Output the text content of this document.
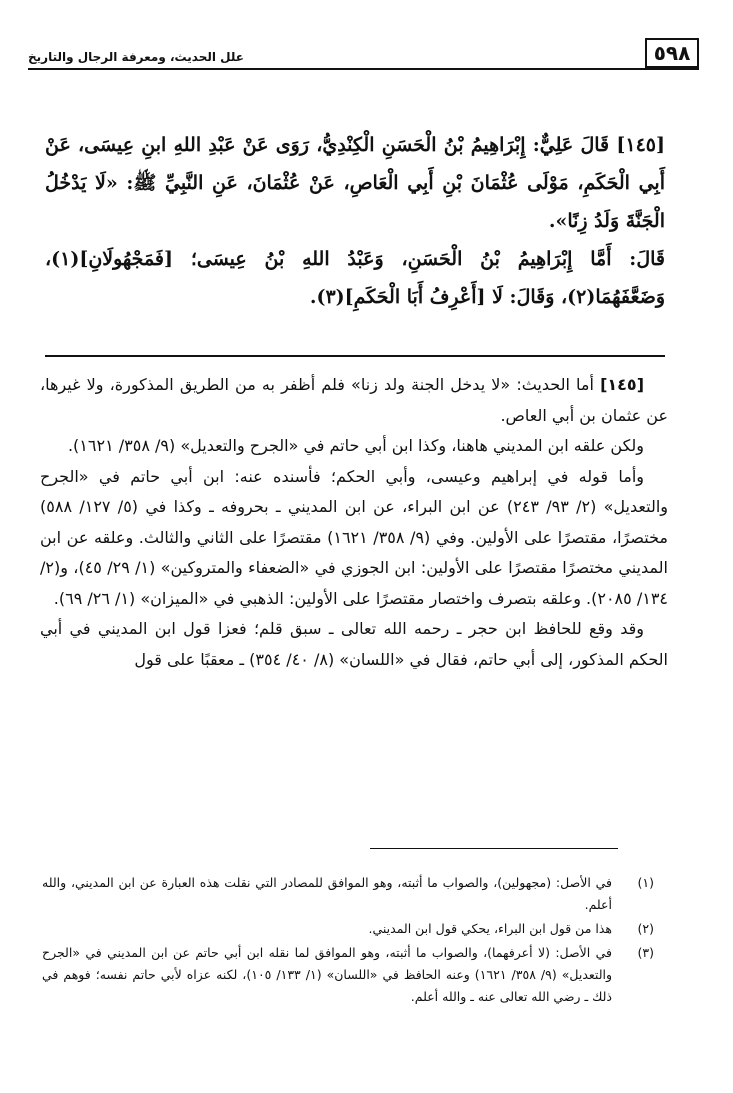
٥٩٨
علل الحديث، ومعرفة الرجال والتاريخ

[١٤٥] قَالَ عَلِيٌّ: إِبْرَاهِيمُ بْنُ الْحَسَنِ الْكِنْدِيُّ، رَوَى عَنْ عَبْدِ اللهِ ابنِ عِيسَى، عَنْ أَبِي الْحَكَمِ، مَوْلَى عُثْمَانَ بْنِ أَبِي الْعَاصِ، عَنْ عُثْمَانَ، عَنِ النَّبِيِّ ﷺ: «لَا يَدْخُلُ الْجَنَّةَ وَلَدُ زِنًا».

قَالَ: أَمَّا إِبْرَاهِيمُ بْنُ الْحَسَنِ، وَعَبْدُ اللهِ بْنُ عِيسَى؛ [فَمَجْهُولَانِ](١)، وَضَعَّفَهُمَا(٢)، وَقَالَ: لَا [أَعْرِفُ أَبَا الْحَكَمِ](٣).

[١٤٥] أما الحديث: «لا يدخل الجنة ولد زنا» فلم أظفر به من الطريق المذكورة، ولا غيرها، عن عثمان بن أبي العاص.

ولكن علقه ابن المديني هاهنا، وكذا ابن أبي حاتم في «الجرح والتعديل» (٩/ ٣٥٨/ ١٦٢١).

وأما قوله في إبراهيم وعيسى، وأبي الحكم؛ فأسنده عنه: ابن أبي حاتم في «الجرح والتعديل» (٢/ ٩٣/ ٢٤٣) عن ابن البراء، عن ابن المديني ـ بحروفه ـ وكذا في (٥/ ١٢٧/ ٥٨٨) مختصرًا، مقتصرًا على الأولين. وفي (٩/ ٣٥٨/ ١٦٢١) مقتصرًا على الثاني والثالث. وعلقه عن ابن المديني مختصرًا مقتصرًا على الأولين: ابن الجوزي في «الضعفاء والمتروكين» (١/ ٢٩/ ٤٥)، و(٢/ ١٣٤/ ٢٠٨٥). وعلقه بتصرف واختصار مقتصرًا على الأولين: الذهبي في «الميزان» (١/ ٢٦/ ٦٩).

وقد وقع للحافظ ابن حجر ـ رحمه الله تعالى ـ سبق قلم؛ فعزا قول ابن المديني في أبي الحكم المذكور، إلى أبي حاتم، فقال في «اللسان» (٨/ ٤٠/ ٣٥٤) ـ معقبًا على قول

(١)
في الأصل: (مجهولين)، والصواب ما أثبته، وهو الموافق للمصادر التي نقلت هذه العبارة عن ابن المديني، والله أعلم.
(٢)
هذا من قول ابن البراء، يحكي قول ابن المديني.
(٣)
في الأصل: (لا أعرفهما)، والصواب ما أثبته، وهو الموافق لما نقله ابن أبي حاتم عن ابن المديني في «الجرح والتعديل» (٩/ ٣٥٨/ ١٦٢١) وعنه الحافظ في «اللسان» (١/ ١٣٣/ ١٠٥)، لكنه عزاه لأبي حاتم نفسه؛ فوهم في ذلك ـ رضي الله تعالى عنه ـ والله أعلم.
